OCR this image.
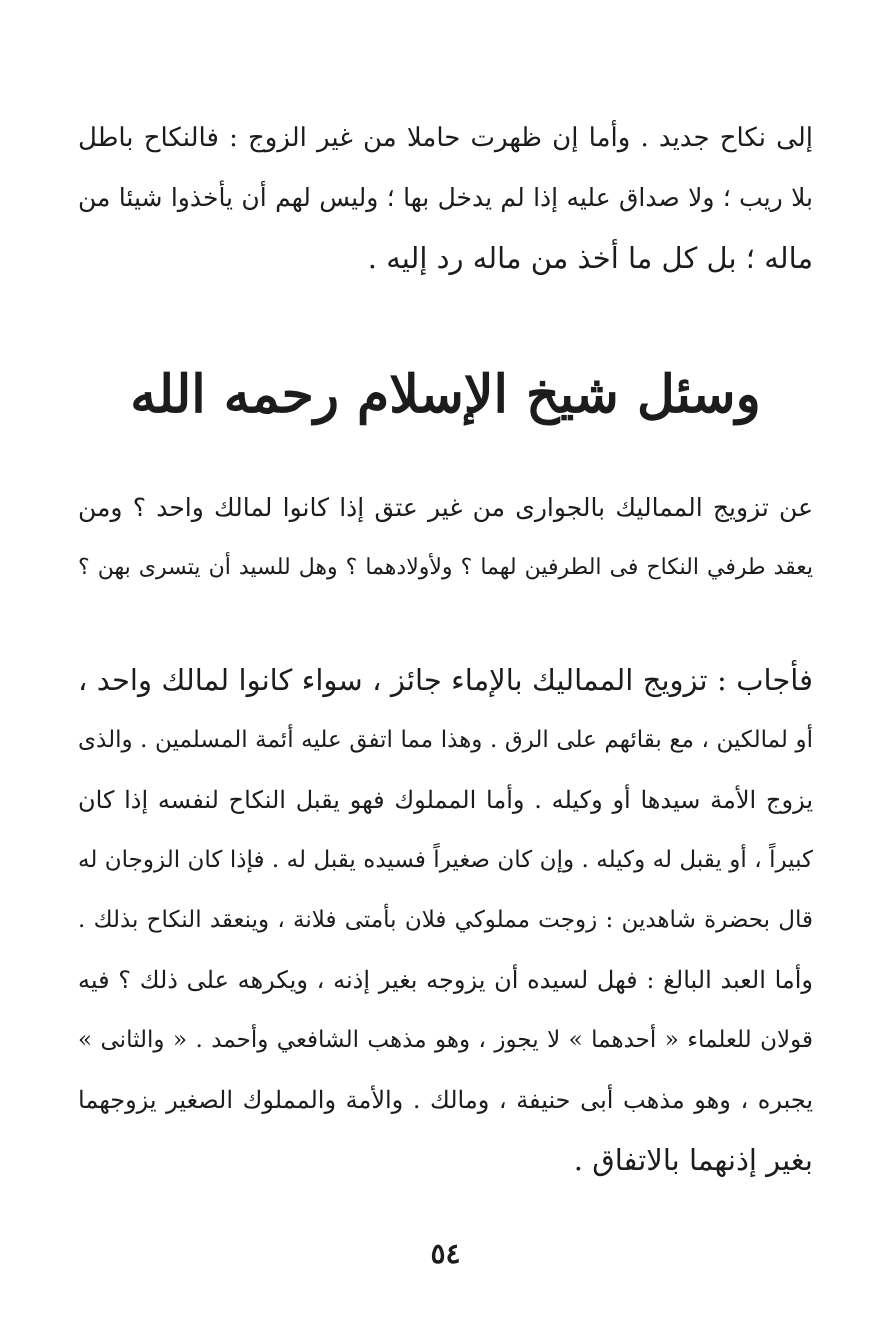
إلى نكاح جديد . وأما إن ظهرت حاملا من غير الزوج : فالنكاح باطل
بلا ريب ؛ ولا صداق عليه إذا لم يدخل بها ؛ وليس لهم أن يأخذوا شيئا من
ماله ؛ بل كل ما أخذ من ماله رد إليه .
وسئل شيخ الإسلام رحمه الله
عن تزويج المماليك بالجوارى من غير عتق إذا كانوا لمالك واحد ؟ ومن
يعقد طرفي النكاح فى الطرفين لهما ؟ ولأولادهما ؟ وهل للسيد أن يتسرى بهن ؟
فأجاب : تزويج المماليك بالإماء جائز ، سواء كانوا لمالك واحد ،
أو لمالكين ، مع بقائهم على الرق . وهذا مما اتفق عليه أئمة المسلمين . والذى
يزوج الأمة سيدها أو وكيله . وأما المملوك فهو يقبل النكاح لنفسه إذا كان
كبيراً ، أو يقبل له وكيله . وإن كان صغيراً فسيده يقبل له . فإذا كان الزوجان له
قال بحضرة شاهدين : زوجت مملوكي فلان بأمتى فلانة ، وينعقد النكاح بذلك .
وأما العبد البالغ : فهل لسيده أن يزوجه بغير إذنه ، ويكرهه على ذلك ؟ فيه
قولان للعلماء « أحدهما » لا يجوز ، وهو مذهب الشافعي وأحمد . « والثانى »
يجبره ، وهو مذهب أبى حنيفة ، ومالك . والأمة والمملوك الصغير يزوجهما
بغير إذنهما بالاتفاق .
٥٤
